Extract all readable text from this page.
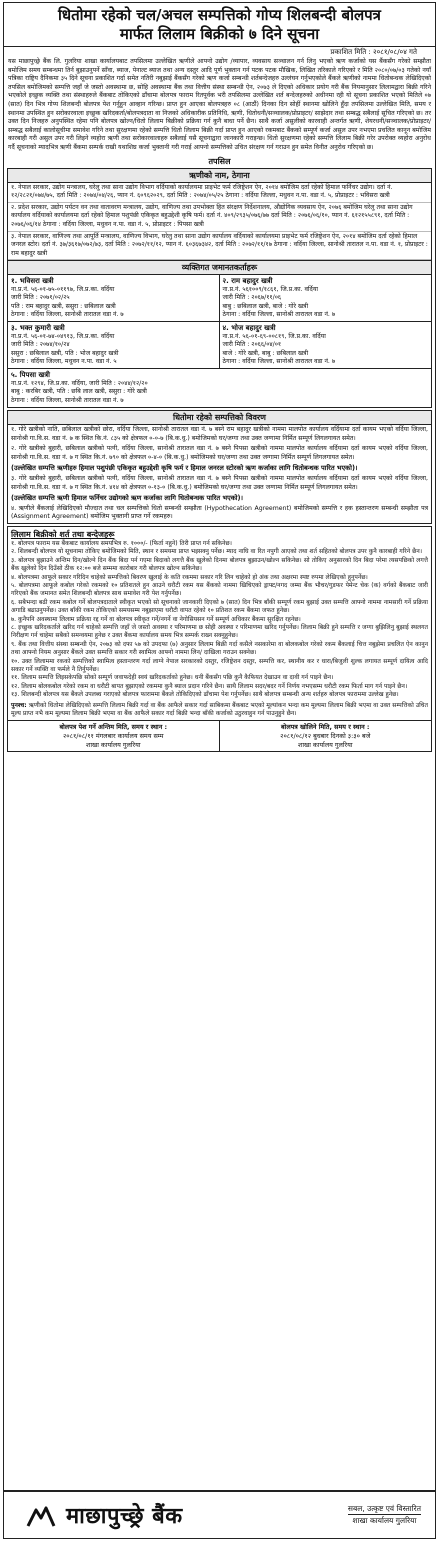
धितोमा रहेको चल/अचल सम्पत्तिको गोप्य शिलबन्दी बोलपत्र
मार्फत लिलाम बिक्रीको ७ दिने सूचना
प्रकाशित मिति : २०८१/०८/०४ गते
यस माछापुच्छ्रे बैंक लि. गुलरिया शाखा कार्यालयबाट तपसिलमा उल्लेखित ऋणीले आफ्नो उद्योग /व्यापार, व्यवसाय सञ्चालन गर्न लिनु भएको ऋण कर्जाको यस बैंकसँग गरेको सम्झौता बमोजिम समय सम्बन्धमा तिर्न बुझाउनुपर्ने साँवा, ब्याज, पेनाल्ट ब्याज तथा अन्य दस्तुर आदि पूर्ण भुक्तान गर्न पटक पटक मौखिक, लिखित तरिकाले गरिएको र मिति २०८०/०७/०३ गतेको नयाँ पत्रिका राष्ट्रिय दैनिकमा ३५ दिने सूचना प्रकाशित गर्दा समेत नतिरी नबुझाई बैंकसँग गरेको ऋण कर्जा सम्बन्धी शर्तबन्देजहरु उल्लंघन गर्नुभएकोले बैंकले ऋणीको नाममा धितोबन्धक लेखिदिएको तपसिल बमोजिमको सम्पत्ति जहाँ जे जस्तो अवस्थामा छ, सोहि अवस्थामा बैंक तथा वित्तीय संस्था सम्बन्धी ऐन, २०७३ ले दिएको अधिकार प्रयोग गरी बैंक नियमानुसार लिलामद्वारा बिक्री गरिने भएकोले इच्छुक व्यक्ति तथा संस्थाहरुले बैंकबाट तोकिएको ढाँचामा बोलपत्र फाराम रितपूर्वक भरी तपसिलमा उल्लेखित शर्त बन्देजहरुको अधीनमा रही यो सूचना प्रकाशित भएको मितिले ०७ (सात) दिन भित्र गोप्य शिलबन्दी बोलपत्र पेश गर्नुहुन आव्हान गरिन्छ। प्राप्त हुन आएका बोलपत्रहरु ०८ (आठौं) दिनका दिन सोहीं स्थानमा खोलिने हुँदा तपसिलमा उल्लेखित मिति, समय र स्थानमा उपस्थित हुन सरोकारवाला इच्छुक खरिदकर्ता/बोलपत्रदाता वा निजको अधिकारीक प्रतिनिधि, ऋणी, धितोधनी/सञ्चालक/प्रोप्राइटर/ साझेदार तथा सम्बद्ध सबैलाई सूचित गरिएको छ। तर उक्त दिन निजहरु अनुपस्थित रहेमा पनि बोलपत्र खोल्न/धितो लिलाम बिक्रीको प्रक्रिया गर्न कुनै बाधा पर्ने छैन। साथै कर्जा असुलीको कारवाही अन्तर्गत ऋणी, शेयरधनी/सञ्चालक/प्रोप्राइटर/ सम्बद्ध सबैलाई कालोसूचीमा समावेश गरिने तथा सुरक्षणमा रहेको सम्पत्ति धितो लिलाम बिक्री गर्दा प्राप्त हुन आएको रकमबाट बैंकको सम्पूर्ण कर्जा असुल उपर नभएमा प्रचलित कानून बमोजिम कारबाही गरी असुल उपर गरी लिइने व्यहोरा ऋणी तथा सरोकारवालाहरु सबैलाई यसै सूचनाद्वारा जानकारी गराइन्छ। धितो सुरक्षणमा रहेको सम्पत्ति लिलाम बिक्री गरेर उपरोक्त व्यहोरा अनुरोध गर्दै सूचनाको म्यादभित्र ऋणी बैंकमा सम्पर्क राखी यथाशिघ्र कर्जा भुक्तानी गरी गराई आफ्नो सम्पत्तिको उचित संरक्षण गर्न गराउन हुन समेत विनीत अनुरोध गरिएको छ।
तपसिल
ऋणीको नाम, ठेगाना
१. नेपाल सरकार, उद्योग मन्त्रालय, घरेलु तथा साना उद्योग विभाग वर्दियाको कार्यालयमा प्राइभेट फर्म रजिष्ट्रेशन ऐन, २०१४ बमोजिम दर्ता रहेको हिमाल फर्निचर उद्योग। दर्ता नं. १२/२८२१/०७४/७५, दर्ता मिति : २०७४/०४/२६, प्यान नं. ६०९६२०२९, दर्ता मिति : २०७४/०५/२५ ठेगाना : वर्दिया जिल्ला, मधुवन न.पा. वडा नं. ५, प्रोप्राइटर : भविसरा खत्री
२. प्रदेश सरकार, उद्योग पर्यटन वन तथा वातावरण मन्त्रालय, उद्योग, वाणिज्य तथा उपभोक्ता हित संरक्षण निर्देशनालय, औद्योगिक व्यवसाय ऐन, २०७६ बमोजिम घरेलु तथा साना उद्योग कार्यालय वर्दियाको कार्यालयमा दर्ता रहेको हिमाल पशुपंछी एकिकृत बहुउद्देशी कृषि फर्म। दर्ता नं. ४०९/२९३५/०७६/७७ दर्ता मिति : २०७६/०६/१०, प्यान नं. ६१२१५५८९१, दर्ता मिति : २०७६/०६/१४ ठेगाना : वर्दिया जिल्ला, मधुवन न.पा. वडा नं. ५, प्रोप्राइटर : पिपसा खत्री
३. नेपाल सरकार, वाणिज्य तथा आपूर्ति मन्त्रालय, वाणिज्य विभाग, घरेलु तथा साना उद्योग कार्यालय वर्दियाको कार्यालयमा प्राइभेट फर्म रजिष्ट्रेशन ऐन, २०१४ बमोजिम दर्ता रहेको हिमाल जनरल स्टोर। दर्ता नं. ३७/३६१७/०७२/७३, दर्ता मिति : २०७२/११/१२, प्यान नं. ६०३६७३४२, दर्ता मिति : २०७२/११/१७ ठेगाना : वर्दिया जिल्ला, सानोश्री तारातल न.पा. वडा नं. १, प्रोप्राइटर : राम बहादुर खत्री
व्यक्तिगत जमानतकर्ताहरू
१. भविसरा खत्री
ना.प्र.नं. ५६-०१-७५-०११९७, जि.प्र.का. वर्दिया
जारी मिति : २०७१/०२/२५
पति : राम बहादुर खत्री, ससुरा : छबिलाल खत्री
ठेगाना : वर्दिया जिल्ला, सानोश्री तारातल वडा नं. ७
२. राम बहादुर खत्री
ना.प्र.नं. ५६१००९/१८६१, जि.प्र.का. वर्दिया
जारी मिति : २०६७/११/०६
बाबु : छबिलाल खत्री, बाजे : गोरे खत्री
ठेगाना : वर्दिया जिल्ला, सानोश्री तारातल वडा नं. ७
३. भक्त कुमारी खत्री
ना.प्र.नं. ५६-०१-७४-०४९१३, जि.प्र.का. वर्दिया
जारी मिति : २०७४/१०/२४
ससुरा : छबिलाल खत्री, पति : भोज बहादुर खत्री
ठेगाना : वर्दिया जिल्ला, मधुवन न.पा. वडा नं. ५
४. भोज बहादुर खत्री
ना.प्र.नं. ५६-०१-६९-००८१९, जि.प्र.का. वर्दिया
जारी मिति : २०६६/०४/०१
बाजे : गोरे खत्री, बाबु : छबिलाल खत्री
ठेगाना : वर्दिया जिल्ला, सानोश्री तारातल वडा नं. ७
५. पिपसा खत्री
ना.प्र.नं. १२९४, जि.प्र.का. वर्दिया, जारी मिति : २०४४/१२/२०
बाबु : करबिर खत्री, पति : छबि लाल खत्री, ससुरा : गोरे खत्री
ठेगाना : वर्दिया जिल्ला, सानोश्री तारातल वडा नं. ७
धितोमा रहेको सम्पत्तिको विवरण
१. गोरे खत्रीको नाति, छबिलाल खत्रीको छोरा, वर्दिया जिल्ला, सानोश्री तारातल वडा नं. ७ बस्ने राम बहादुर खत्रीको नाममा मालपोत कार्यालय वर्दियामा दर्ता कायम भएको वर्दिया जिल्ला, सानोश्री गा.वि.स. वडा नं. ७ क स्थित कि.नं. ८३५ को क्षेत्रफल ०-०-७ (बि.क.धु.) बमोजिमको घर/जग्गा तथा उक्त जग्गामा निर्मित सम्पूर्ण लिगलगायत समेत।
२. गोरे खत्रीको बुहारी, छबिलाल खत्रीको पत्नी, वर्दिया जिल्ला, सानोश्री तारातल वडा नं. ७ बस्ने पिपसा खत्रीको नाममा मालपोत कार्यालय वर्दियामा दर्ता कायम भएको वर्दिया जिल्ला, सानोश्री गा.वि.स. वडा नं. ७ ग स्थित कि.नं. ७९० को क्षेत्रफल ०-४-० (बि.क.धु.) बमोजिमको घर/जग्गा तथा उक्त जग्गामा निर्मित सम्पूर्ण लिगलगायत समेत।
(उल्लेखित सम्पत्ति ऋणीहरु हिमाल पशुपंछी एकिकृत बहुउद्देशी कृषि फर्म र हिमाल जनरल स्टोरको ऋण कर्जाका लागि धितोबन्धक पारित भएको)।
३. गोरे खत्रीको बुहारी, छबिलाल खत्रीको पत्नी, वर्दिया जिल्ला, सानोश्री तारातल वडा नं. ७ बस्ने पिपसा खत्रीको नाममा मालपोत कार्यालय वर्दियामा दर्ता कायम भएको वर्दिया जिल्ला, सानोश्री गा.वि.स. वडा नं. ७ ग स्थित कि.नं. ४१४ को क्षेत्रफल ०-१३-० (बि.क.धु.) बमोजिमको घर/जग्गा तथा उक्त जग्गामा निर्मित सम्पूर्ण लिगलगायत समेत।
(उल्लेखित सम्पत्ति ऋणी हिमाल फर्निचर उद्योगको ऋण कर्जाका लागि धितोबन्धक पारित भएको)।
४. ऋणीले बैंकलाई लेखिदिएको मौज्दात तथा चल सम्पत्तिको धितो सम्बन्धी सम्झौता (Hypothecation Agreement) बमोजिमको सम्पत्ति र हक हस्तान्तरण सम्बन्धी सम्झौता पत्र (Assignment Agreement) बमोजिम भुक्तानी प्राप्त गर्ने रकमहरु।
लिलाम बिक्रीको शर्त तथा बन्देजहरू
१. बोलपत्र फाराम यस बैंकबाट कार्यालय समयभित्र रु. १०००/- (फिर्ता नहुने) तिरी प्राप्त गर्न सकिनेछ।
२. शिलबन्दी बोलपत्र यो सूचनामा तोकिए बमोजिमको मिति, स्थान र समयमा प्राप्त भइसक्नु पर्नेछ। म्याद नाघि वा रित नपुगी आएको तथा शर्त सहितको बोलपत्र उपर कुनै कारबाही गरिने छैन।
३. बोलपत्र बुझाउने अन्तिम दिन/खोल्ने दिन बैंक बिदा पर्न गएमा बिदाको लगत्तै बैंक खुलेको दिनमा बोलपत्र बुझाउन/खोल्न सकिनेछ। सो तोकिए अनुसारको दिन बिदा परेमा त्यसपछिको लगत्तै बैंक खुलेको दिन दिउँसो ठीक १२:०० बजे सम्ममा कारोबार गरी बोलपत्र खोल्न सकिनेछ।
४. बोलपत्रमा आफूले सकार गरिदिन चाहेको सम्पत्तिको बिवरण खुलाई के कति रकममा सकार गरि लिन चाहेको हो अंक तथा अक्षरमा स्पष्ट रुपमा लेखिएको हुनुपर्नेछ।
५. बोलपत्रमा आफूले कबोल गरेको रकमको १० प्रतिशतले हुन आउने धरौटी रकम यस बैंकको नाममा खिचिएको ड्राफ्ट/नगद जम्मा बैंक भौचर/गुडफर पेमेन्ट चेक (क) वर्गको बैंकबाट जारी गरिएको बैंक जमानत समेत शिलबन्दी बोलपत्र साथ समावेश गरी पेश गर्नुपर्नेछ।
६. सबैभन्दा बढी रकम कबोल गर्ने बोलपत्रदाताले स्वीकृत भएको सो सूचनाको जानकारी दिएको ७ (सात) दिन भित्र बाँकी सम्पूर्ण रकम बुझाई उक्त सम्पत्ति आफ्नो नाममा नामसारी गर्ने प्रक्रिया अगाडि बढाउनुपर्नेछ। उक्त बाँकी रकम तोकिएको समयसम्म नबुझाएमा धरौटी वापत रहेको १० प्रतिशत रकम बैंकमा जफत हुनेछ।
७. कुनैपनि अवस्थामा लिलाम प्रक्रिया रद्द गर्ने वा बोलपत्र स्वीकृत गर्ने/नगर्ने वा नेगोसियसन गर्ने सम्पूर्ण अधिकार बैंकमा सुरक्षित रहनेछ।
८. इच्छुक खरिदकर्ताले खरिद गर्न चाहेको सम्पत्ति जहाँ जे जस्तो अवस्था र परिमाणमा छ सोही अवस्था र परिमाणमा खरिद गर्नुपर्नेछ। लिलाम बिक्री हुने सम्पत्ति र जग्गा बुझिलिनु बुझाई स्थलगत निरीक्षण गर्न चाहेमा सबैको समन्वयमा हुनेछ र उक्त बैंकमा कार्यालय समय भित्र सम्पर्क राख्न सक्नुहुनेछ।
९. बैंक तथा वित्तीय संस्था सम्बन्धी ऐन, २०७३ को दफा ५७ को उपदफा (७) अनुसार लिलाम बिक्री गर्दा कसैले नसकारेमा वा बोलकबोल गरेको रकम बैंकलाई चित्त नबुझेमा प्रचलित ऐन कानुन तथा आफ्नो नियम अनुसार बैंकले उक्त सम्पत्ति सकार गरी स्वामित्व आफ्नो नाममा लिन/ दाखिला गराउन सक्नेछ।
१०. उक्त लिलाममा रकको सम्पत्तिको स्वामित्व हस्तान्तरण गर्दा लाग्ने नेपाल सरकारको दस्तुर, रजिष्ट्रेशन दस्तुर, सम्पत्ति कर, स्थानीय कर र धारा/बिजुली शुल्क लगायत सम्पूर्ण दायित्व आदि सकार गर्ने व्यक्ति वा फर्मले नै तिर्नुपर्नेछ।
११. लिलाम सम्पत्ति लिइसकेपछि सोको सम्पूर्ण जवाफदेही स्वयं खरिदकर्ताको हुनेछ। धनी बैंकसँग पछि कुनै कैफियत देखाउन वा दावी गर्न पाइने छैन।
१२. लिलाम बोलकबोल गरेको रकम वा धरौटी बापत बुझाएको रकममा कुनै ब्याज प्रदान गरिने छैन। साथै लिलाम सदर/बदर गर्ने निर्णय नभएसम्म धरौटी रकम फिर्ता माग गर्न पाइने छैन।
१३. शिलबन्दी बोलपत्र यस बैंकले उपलब्ध गराएको बोलपत्र फाराममा बैंकले तोकिदिएको ढाँचामा पेश गर्नुपर्नेछ। साथै बोलपत्र सम्बन्धी अन्य शर्तहरु बोलपत्र फाराममा उल्लेख हुनेछ।
पुनश्च: ऋणीको धितोमा लेखिदिएको सम्पत्ति लिलाम बिक्री गर्दा वा बैंक आफैले सकार गर्दा साबिकमा बैंकबाट भएको मूल्यांकन भन्दा कम मूल्यमा लिलाम बिक्री भएमा वा उक्त सम्पत्तिको उचित मूल्य प्राप्त नभै कम मूल्यमा लिलाम बिक्री भएमा वा बैंक आफैले सकार गर्दा बिक्री भन्दा बाँकी कर्जाको उठुरवाहुन गर्न पाउनुहुने छैन।
बोलपत्र पेश गर्ने अन्तिम मिति, समय र स्थान :
२०८१/०८/११ मंगलबार कार्यालय समय सम्म
शाखा कार्यालय गुलरिया
बोलपत्र खोलिने मिति, समय र स्थान :
२०८१/०८/१२ बुधबार दिनको ३:३० बजे
शाखा कार्यालय गुलरिया
माछापुच्छ्रे बैंक	सबल, उत्कृष्ट एवं विस्तारित
शाखा कार्यालय गुलरिया
